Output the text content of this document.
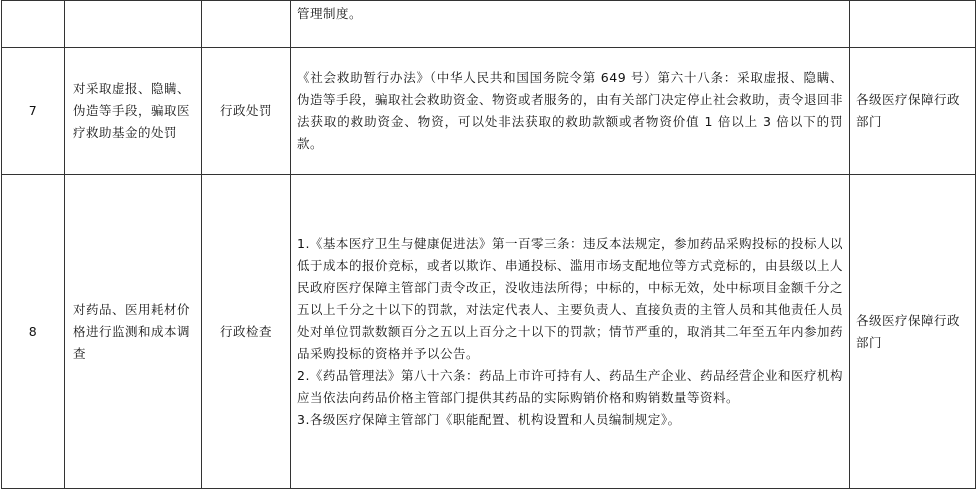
			管理制度。	

7	对采取虚报、隐瞒、伪造等手段，骗取医疗救助基金的处罚	行政处罚	《社会救助暂行办法》（中华人民共和国国务院令第 649 号）第六十八条：采取虚报、隐瞒、伪造等手段，骗取社会救助资金、物资或者服务的，由有关部门决定停止社会救助，责令退回非法获取的救助资金、物资，可以处非法获取的救助款额或者物资价值 1 倍以上 3 倍以下的罚款。	各级医疗保障行政部门
8	对药品、医用耗材价格进行监测和成本调查	行政检查	1.《基本医疗卫生与健康促进法》第一百零三条：违反本法规定，参加药品采购投标的投标人以低于成本的报价竞标，或者以欺诈、串通投标、滥用市场支配地位等方式竞标的，由县级以上人民政府医疗保障主管部门责令改正，没收违法所得；中标的，中标无效，处中标项目金额千分之五以上千分之十以下的罚款，对法定代表人、主要负责人、直接负责的主管人员和其他责任人员处对单位罚款数额百分之五以上百分之十以下的罚款；情节严重的，取消其二年至五年内参加药品采购投标的资格并予以公告。
2.《药品管理法》第八十六条：药品上市许可持有人、药品生产企业、药品经营企业和医疗机构应当依法向药品价格主管部门提供其药品的实际购销价格和购销数量等资料。
3.各级医疗保障主管部门《职能配置、机构设置和人员编制规定》。	各级医疗保障行政部门
